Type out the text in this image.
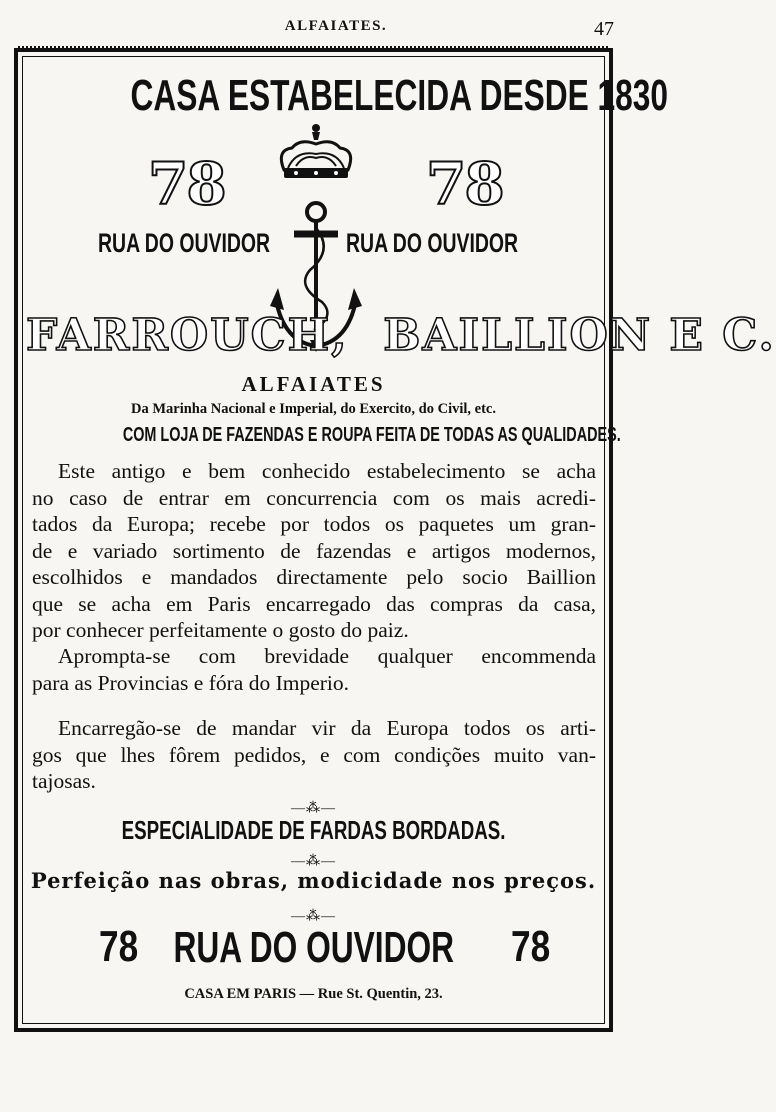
ALFAIATES.	47
CASA ESTABELECIDA DESDE 1830
78	78
RUA DO OUVIDOR	RUA DO OUVIDOR
FARROUCH, BAILLION E C.
ALFAIATES
Da Marinha Nacional e Imperial, do Exercito, do Civil, etc.
COM LOJA DE FAZENDAS E ROUPA FEITA DE TODAS AS QUALIDADES.
Este antigo e bem conhecido estabelecimento se acha
no caso de entrar em concurrencia com os mais acredi-
tados da Europa; recebe por todos os paquetes um gran-
de e variado sortimento de fazendas e artigos modernos,
escolhidos e mandados directamente pelo socio Baillion
que se acha em Paris encarregado das compras da casa,
por conhecer perfeitamente o gosto do paiz.
Apromptа-se com brevidade qualquer encommenda
para as Provincias e fóra do Imperio.
Encarregão-se de mandar vir da Europa todos os arti-
gos que lhes fôrem pedidos, e com condições muito van-
tajosas.
—⁂—
ESPECIALIDADE DE FARDAS BORDADAS.
—⁂—
Perfeição nas obras, modicidade nos preços.
—⁂—
78 RUA DO OUVIDOR	78
CASA EM PARIS — Rue St. Quentin, 23.
